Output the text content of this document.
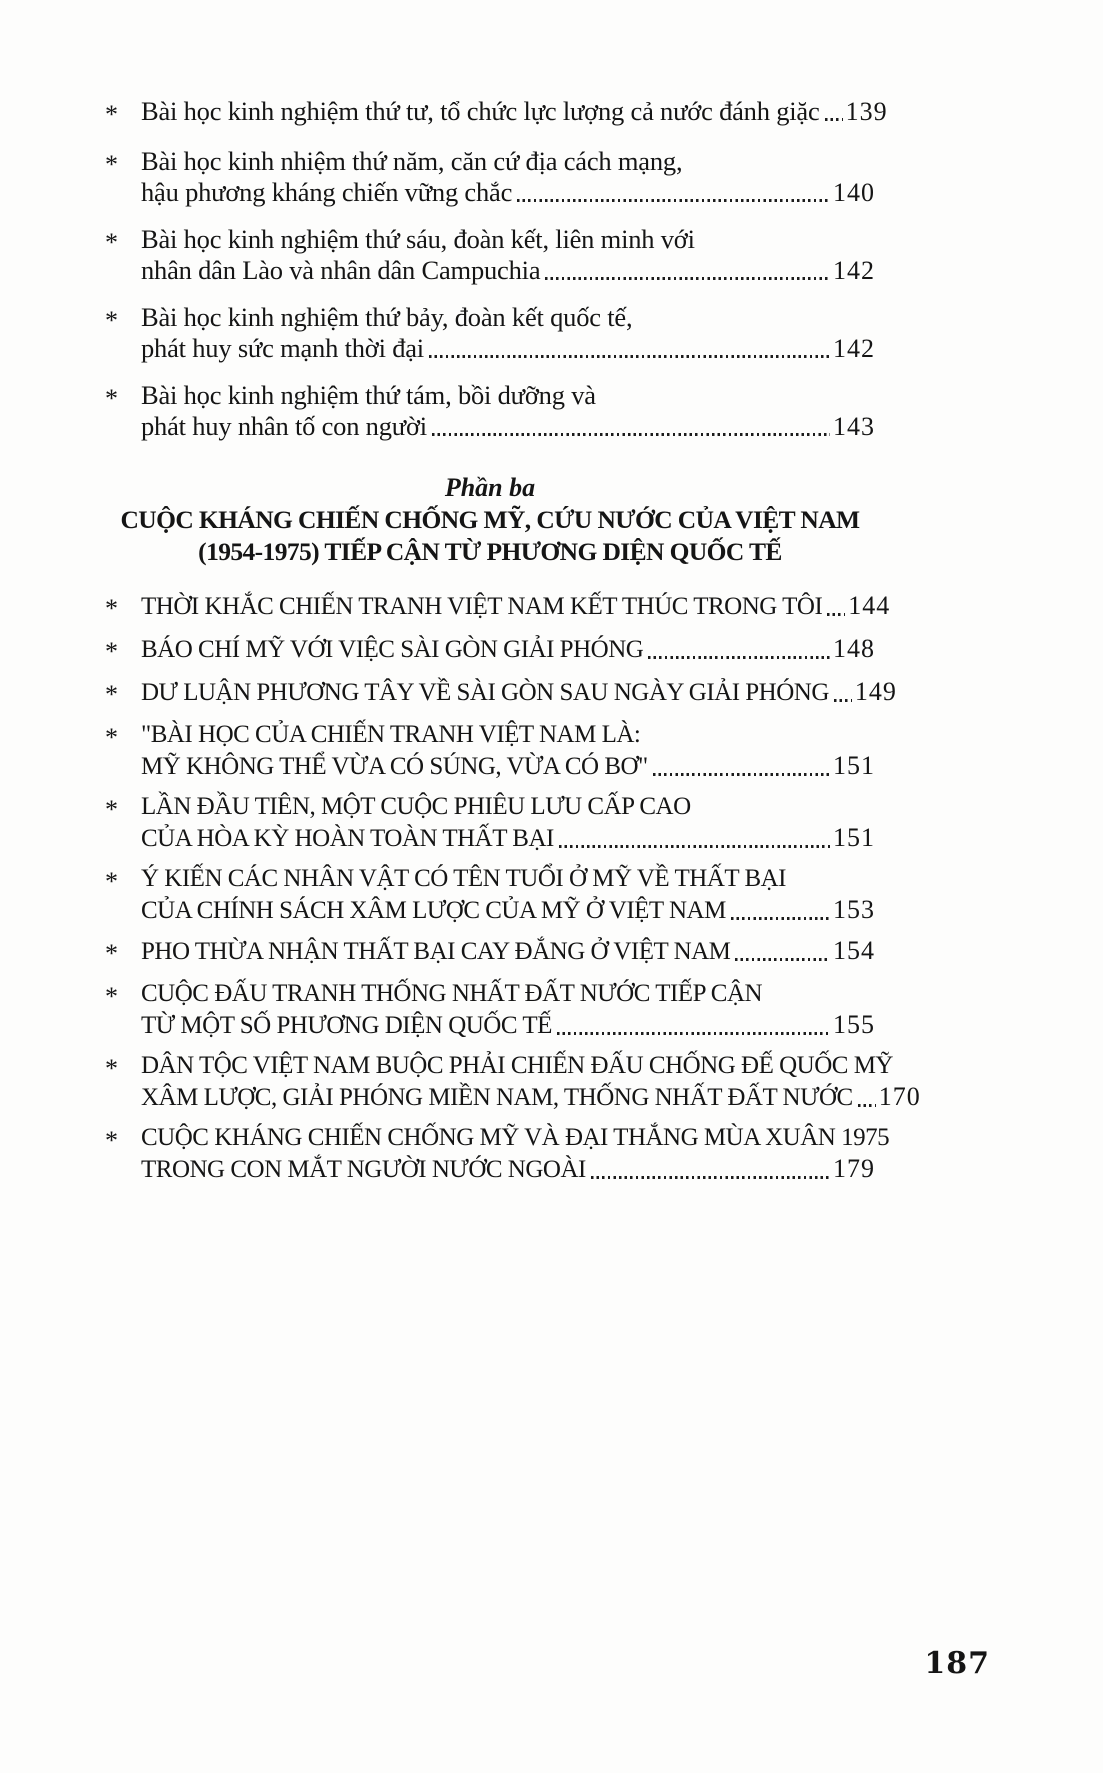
* Bài học kinh nghiệm thứ tư, tổ chức lực lượng cả nước đánh giặc 139
* Bài học kinh nhiệm thứ năm, căn cứ địa cách mạng,
hậu phương kháng chiến vững chắc	140
* Bài học kinh nghiệm thứ sáu, đoàn kết, liên minh với
nhân dân Lào và nhân dân Campuchia	142
* Bài học kinh nghiệm thứ bảy, đoàn kết quốc tế,
phát huy sức mạnh thời đại	142
* Bài học kinh nghiệm thứ tám, bồi dưỡng và
phát huy nhân tố con người	143
Phần ba
CUỘC KHÁNG CHIẾN CHỐNG MỸ, CỨU NƯỚC CỦA VIỆT NAM
(1954-1975) TIẾP CẬN TỪ PHƯƠNG DIỆN QUỐC TẾ
* THỜI KHẮC CHIẾN TRANH VIỆT NAM KẾT THÚC TRONG TÔI 144
* BÁO CHÍ MỸ VỚI VIỆC SÀI GÒN GIẢI PHÓNG	148
* DƯ LUẬN PHƯƠNG TÂY VỀ SÀI GÒN SAU NGÀY GIẢI PHÓNG 149
* "BÀI HỌC CỦA CHIẾN TRANH VIỆT NAM LÀ:
MỸ KHÔNG THỂ VỪA CÓ SÚNG, VỪA CÓ BƠ"	151
* LẦN ĐẦU TIÊN, MỘT CUỘC PHIÊU LƯU CẤP CAO
CỦA HÒA KỲ HOÀN TOÀN THẤT BẠI	151
* Ý KIẾN CÁC NHÂN VẬT CÓ TÊN TUỔI Ở MỸ VỀ THẤT BẠI
CỦA CHÍNH SÁCH XÂM LƯỢC CỦA MỸ Ở VIỆT NAM	153
* PHO THỪA NHẬN THẤT BẠI CAY ĐẮNG Ở VIỆT NAM	154
* CUỘC ĐẤU TRANH THỐNG NHẤT ĐẤT NƯỚC TIẾP CẬN
TỪ MỘT SỐ PHƯƠNG DIỆN QUỐC TẾ	155
* DÂN TỘC VIỆT NAM BUỘC PHẢI CHIẾN ĐẤU CHỐNG ĐẾ QUỐC MỸ
XÂM LƯỢC, GIẢI PHÓNG MIỀN NAM, THỐNG NHẤT ĐẤT NƯỚC 170
* CUỘC KHÁNG CHIẾN CHỐNG MỸ VÀ ĐẠI THẮNG MÙA XUÂN 1975
TRONG CON MẮT NGƯỜI NƯỚC NGOÀI	179
187
